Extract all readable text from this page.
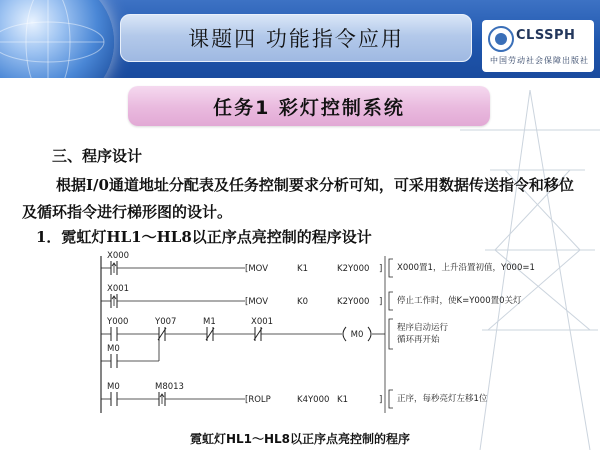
课题四 功能指令应用	CLSSPH
中国劳动社会保障出版社
任务1 彩灯控制系统
三、程序设计
根据I/0通道地址分配表及任务控制要求分析可知，可采用数据传送指令和移位及循环指令进行梯形图的设计。
1．霓虹灯HL1～HL8以正序点亮控制的程序设计
X000
[MOV	K1	K2Y000 ] X000置1，上升沿置初值，Y000=1
X001
[MOV	K0	K2Y000 ] 停止工作时，使K=Y000置0关灯
Y000	Y007	M1	X001
M0
M0
程序启动运行
循环再开始
M0	M8013
[ROLP	K4Y000 K1	] 正序，每秒亮灯左移1位
霓虹灯HL1～HL8以正序点亮控制的程序
